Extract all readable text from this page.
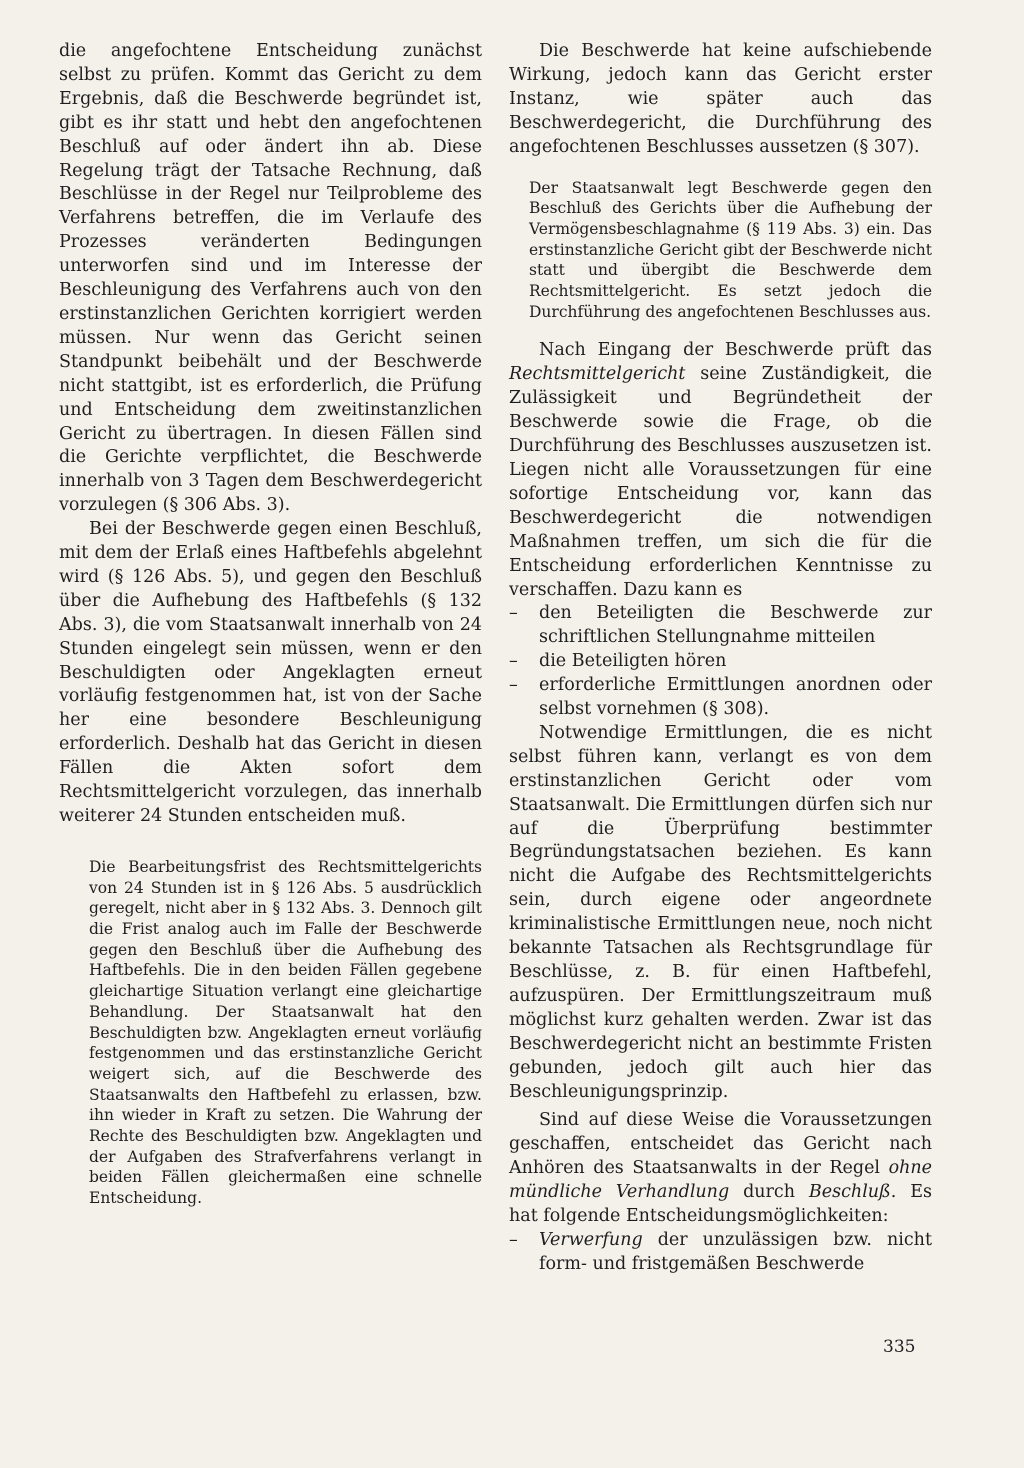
die angefochtene Entscheidung zunächst selbst zu prüfen. Kommt das Gericht zu dem Ergebnis, daß die Beschwerde begründet ist, gibt es ihr statt und hebt den angefochtenen Beschluß auf oder ändert ihn ab. Diese Regelung trägt der Tatsache Rechnung, daß Beschlüsse in der Regel nur Teilprobleme des Verfahrens betreffen, die im Verlaufe des Prozesses veränderten Bedingungen unterworfen sind und im Interesse der Beschleunigung des Verfahrens auch von den erstinstanzlichen Gerichten korrigiert werden müssen. Nur wenn das Gericht seinen Standpunkt beibehält und der Beschwerde nicht stattgibt, ist es erforderlich, die Prüfung und Entscheidung dem zweitinstanzlichen Gericht zu übertragen. In diesen Fällen sind die Gerichte verpflichtet, die Beschwerde innerhalb von 3 Tagen dem Beschwerdegericht vorzulegen (§ 306 Abs. 3).

Bei der Beschwerde gegen einen Beschluß, mit dem der Erlaß eines Haftbefehls abgelehnt wird (§ 126 Abs. 5), und gegen den Beschluß über die Aufhebung des Haftbefehls (§ 132 Abs. 3), die vom Staatsanwalt innerhalb von 24 Stunden eingelegt sein müssen, wenn er den Beschuldigten oder Angeklagten erneut vorläufig festgenommen hat, ist von der Sache her eine besondere Beschleunigung erforderlich. Deshalb hat das Gericht in diesen Fällen die Akten sofort dem Rechtsmittelgericht vorzulegen, das innerhalb weiterer 24 Stunden entscheiden muß.

Die Bearbeitungsfrist des Rechtsmittelgerichts von 24 Stunden ist in § 126 Abs. 5 ausdrücklich geregelt, nicht aber in § 132 Abs. 3. Dennoch gilt die Frist analog auch im Falle der Beschwerde gegen den Beschluß über die Aufhebung des Haftbefehls. Die in den beiden Fällen gegebene gleichartige Situation verlangt eine gleichartige Behandlung. Der Staatsanwalt hat den Beschuldigten bzw. Angeklagten erneut vorläufig festgenommen und das erstinstanzliche Gericht weigert sich, auf die Beschwerde des Staatsanwalts den Haftbefehl zu erlassen, bzw. ihn wieder in Kraft zu setzen. Die Wahrung der Rechte des Beschuldigten bzw. Angeklagten und der Aufgaben des Strafverfahrens verlangt in beiden Fällen gleichermaßen eine schnelle Entscheidung.

Die Beschwerde hat keine aufschiebende Wirkung, jedoch kann das Gericht erster Instanz, wie später auch das Beschwerdegericht, die Durchführung des angefochtenen Beschlusses aussetzen (§ 307).

Der Staatsanwalt legt Beschwerde gegen den Beschluß des Gerichts über die Aufhebung der Vermögensbeschlagnahme (§ 119 Abs. 3) ein. Das erstinstanzliche Gericht gibt der Beschwerde nicht statt und übergibt die Beschwerde dem Rechtsmittelgericht. Es setzt jedoch die Durchführung des angefochtenen Beschlusses aus.

Nach Eingang der Beschwerde prüft das Rechtsmittelgericht seine Zuständigkeit, die Zulässigkeit und Begründetheit der Beschwerde sowie die Frage, ob die Durchführung des Beschlusses auszusetzen ist. Liegen nicht alle Voraussetzungen für eine sofortige Entscheidung vor, kann das Beschwerdegericht die notwendigen Maßnahmen treffen, um sich die für die Entscheidung erforderlichen Kenntnisse zu verschaffen. Dazu kann es

– den Beteiligten die Beschwerde zur schriftlichen Stellungnahme mitteilen

– die Beteiligten hören

– erforderliche Ermittlungen anordnen oder selbst vornehmen (§ 308).

Notwendige Ermittlungen, die es nicht selbst führen kann, verlangt es von dem erstinstanzlichen Gericht oder vom Staatsanwalt. Die Ermittlungen dürfen sich nur auf die Überprüfung bestimmter Begründungstatsachen beziehen. Es kann nicht die Aufgabe des Rechtsmittelgerichts sein, durch eigene oder angeordnete kriminalistische Ermittlungen neue, noch nicht bekannte Tatsachen als Rechtsgrundlage für Beschlüsse, z. B. für einen Haftbefehl, aufzuspüren. Der Ermittlungszeitraum muß möglichst kurz gehalten werden. Zwar ist das Beschwerdegericht nicht an bestimmte Fristen gebunden, jedoch gilt auch hier das Beschleunigungsprinzip.

Sind auf diese Weise die Voraussetzungen geschaffen, entscheidet das Gericht nach Anhören des Staatsanwalts in der Regel ohne mündliche Verhandlung durch Beschluß. Es hat folgende Entscheidungsmöglichkeiten:

– Verwerfung der unzulässigen bzw. nicht form- und fristgemäßen Beschwerde

335
